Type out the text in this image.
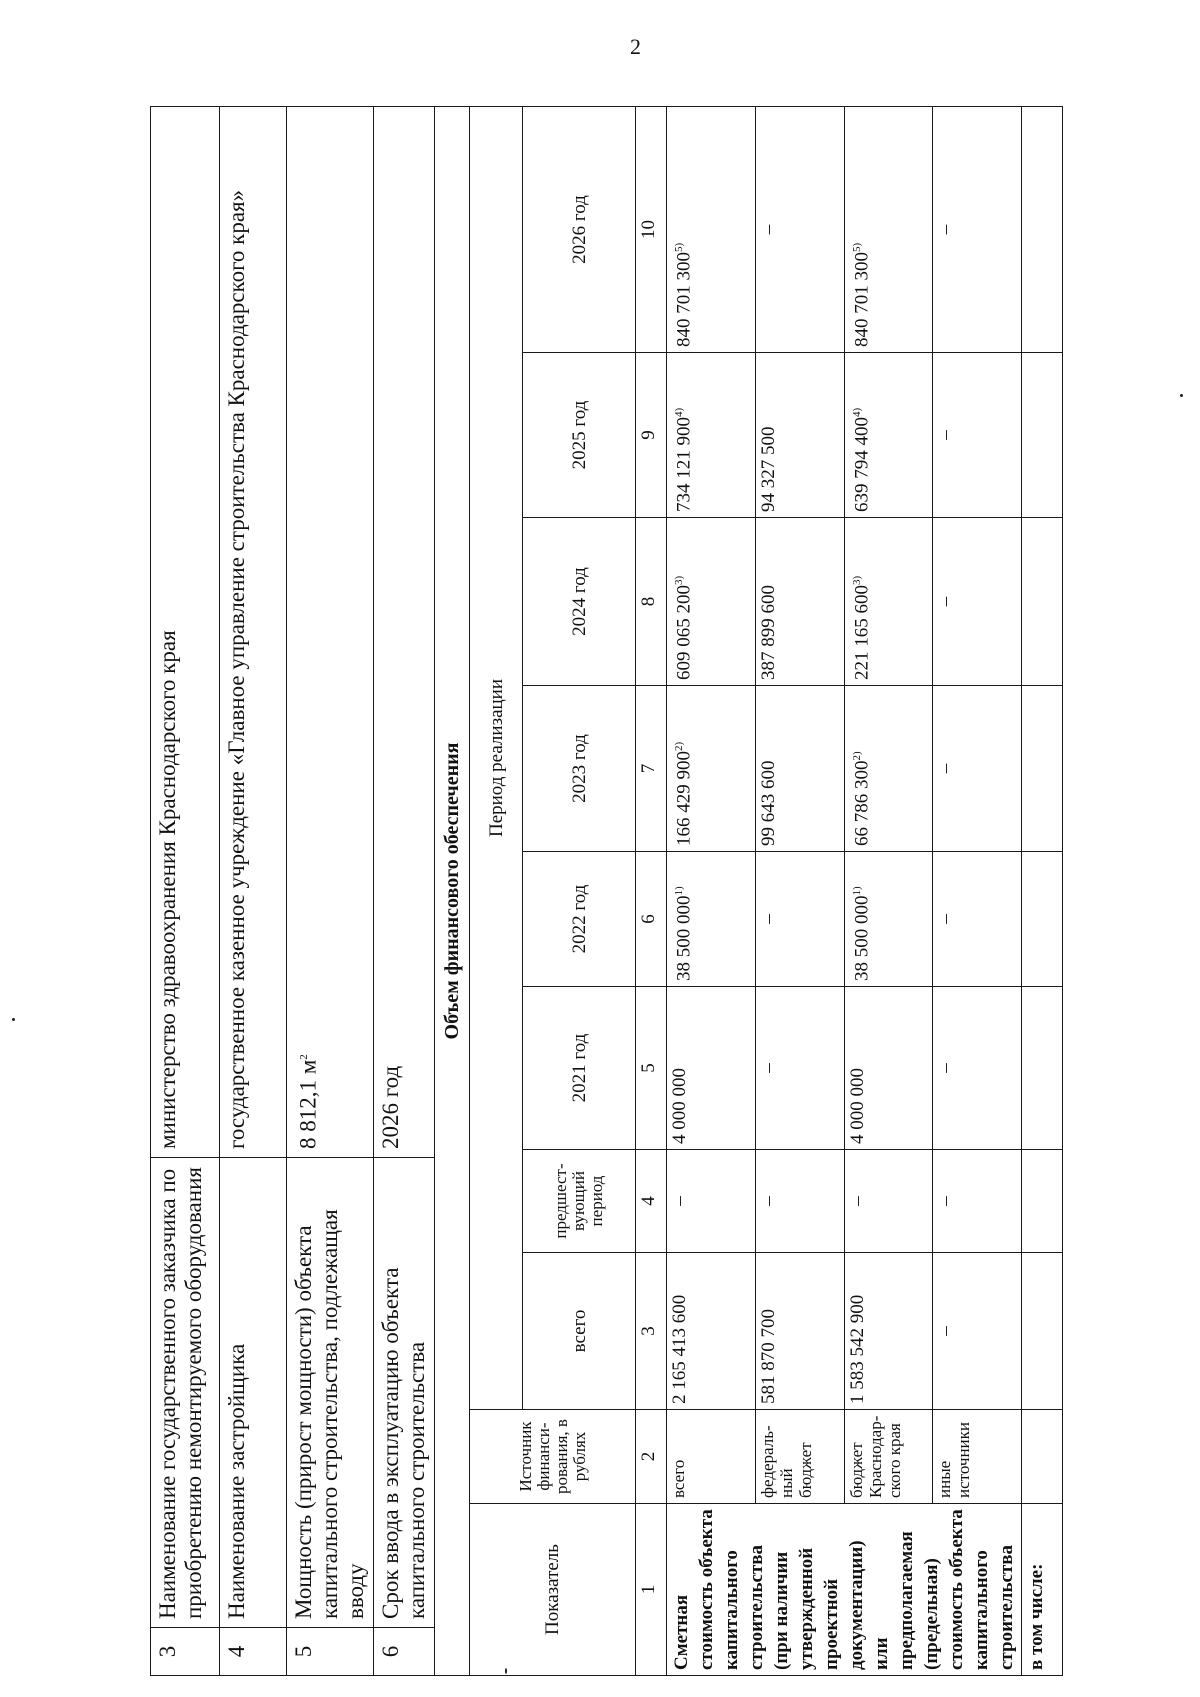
2
3	Наименование государственного заказчика по приобретению немонтируемого оборудования	министерство здравоохранения Краснодарского края
4	Наименование застройщика	государственное казенное учреждение «Главное управление строительства Краснодарского края»
5	Мощность (прирост мощности) объекта капитального строительства, подлежащая вводу	8 812,1 $м^2$
6	Срок ввода в эксплуатацию объекта капитального строительства	2026 год
Объем финансового обеспечения									
Показатель	Источник финанси-рования, в рублях	Период реализации							
		всего	предшест-вующий период	2021 год	2022 год	2023 год	2024 год	2025 год	2026 год
1	2	3	4	5	6	7	8	9	10
Сметная стоимость объекта капитального строительства (при наличии утвержденной проектной документации) или предполагаемая (предельная) стоимость объекта капитального строительства	всего	2 165 413 600	–	4 000 000	38 500 000$^{1)}$	166 429 900$^{2)}$	609 065 200$^{3)}$	734 121 900$^{4)}$	840 701 300$^{5)}$
	федераль-ный бюджет	581 870 700	–	–	–	99 643 600	387 899 600	94 327 500	–
	бюджет Краснодар-ского края	1 583 542 900	–	4 000 000	38 500 000$^{1)}$	66 786 300$^{2)}$	221 165 600$^{3)}$	639 794 400$^{4)}$	840 701 300$^{5)}$
	иные источники	–	–	–	–	–	–	–	–
в том числе:									
